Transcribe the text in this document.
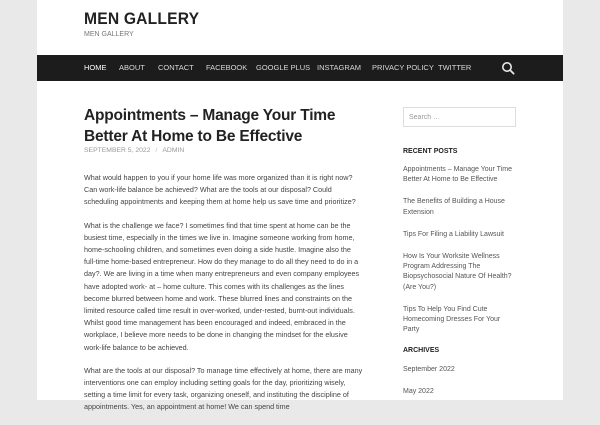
MEN GALLERY
MEN GALLERY
HOME ABOUT CONTACT FACEBOOK GOOGLE PLUS INSTAGRAM PRIVACY POLICY TWITTER
Appointments – Manage Your Time Better At Home to Be Effective
SEPTEMBER 5, 2022 / ADMIN

What would happen to you if your home life was more organized than it is right now? Can work-life balance be achieved? What are the tools at our disposal? Could scheduling appointments and keeping them at home help us save time and prioritize?

What is the challenge we face? I sometimes find that time spent at home can be the busiest time, especially in the times we live in. Imagine someone working from home, home-schooling children, and sometimes even doing a side hustle. Imagine also the full-time home-based entrepreneur. How do they manage to do all they need to do in a day?. We are living in a time when many entrepreneurs and even company employees have adopted work- at – home culture. This comes with its challenges as the lines become blurred between home and work. These blurred lines and constraints on the limited resource called time result in over-worked, under-rested, burnt-out individuals. Whilst good time management has been encouraged and indeed, embraced in the workplace, I believe more needs to be done in changing the mindset for the elusive work-life balance to be achieved.

What are the tools at our disposal? To manage time effectively at home, there are many interventions one can employ including setting goals for the day, prioritizing wisely, setting a time limit for every task, organizing oneself, and instituting the discipline of appointments. Yes, an appointment at home! We can spend time

Search …
RECENT POSTS
Appointments – Manage Your Time Better At Home to Be Effective
The Benefits of Building a House Extension
Tips For Filing a Liability Lawsuit
How Is Your Worksite Wellness Program Addressing The Biopsychosocial Nature Of Health? (Are You?)
Tips To Help You Find Cute Homecoming Dresses For Your Party
ARCHIVES
September 2022
May 2022
